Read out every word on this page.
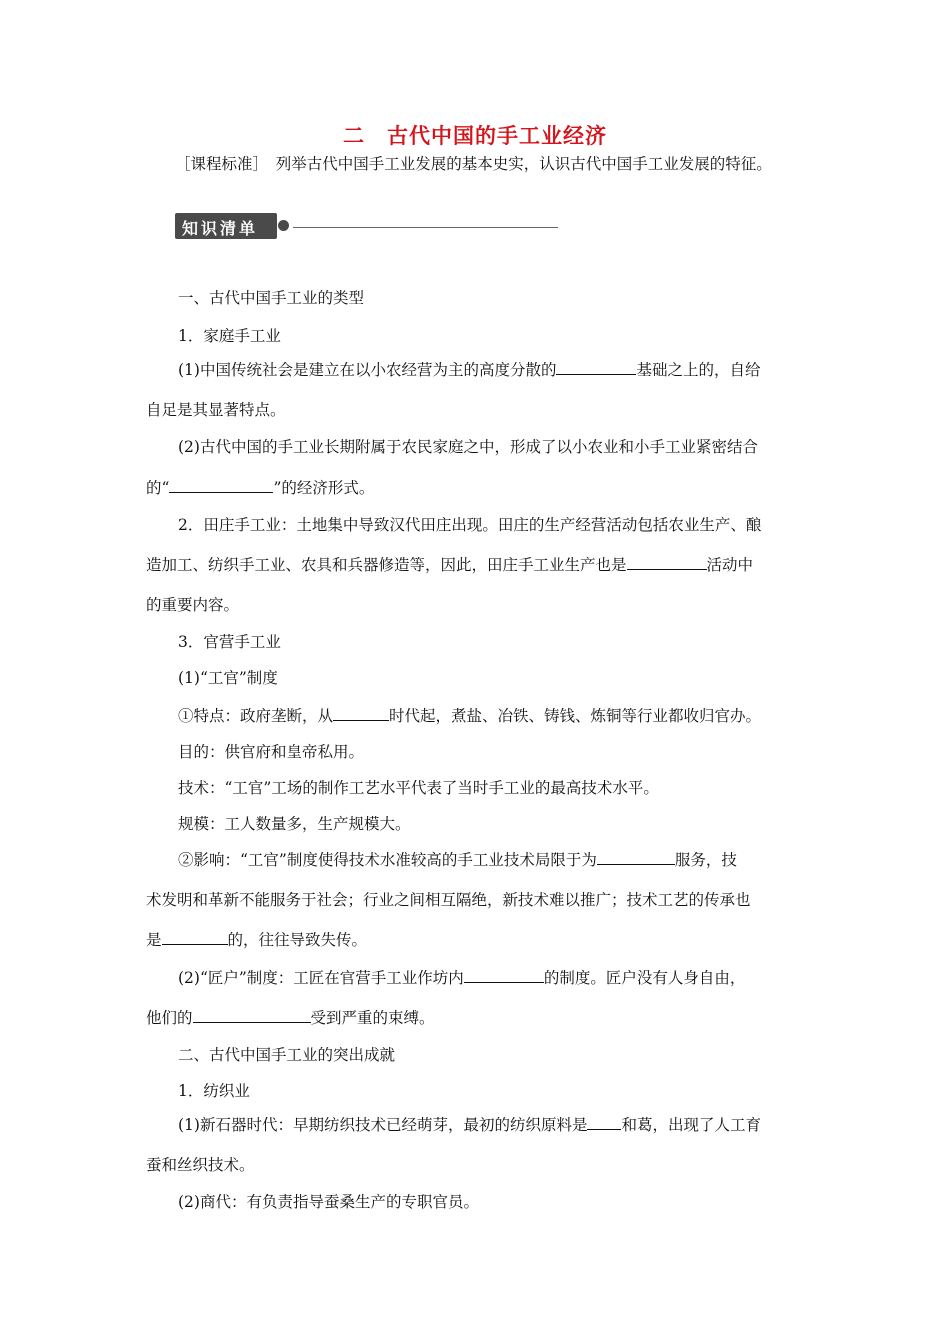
二　古代中国的手工业经济
［课程标准］　列举古代中国手工业发展的基本史实，认识古代中国手工业发展的特征。
知识清单
一、古代中国手工业的类型
1．家庭手工业
(1)中国传统社会是建立在以小农经营为主的高度分散的	基础之上的，自给
自足是其显著特点。
(2)古代中国的手工业长期附属于农民家庭之中，形成了以小农业和小手工业紧密结合
的“	”的经济形式。
2．田庄手工业：土地集中导致汉代田庄出现。田庄的生产经营活动包括农业生产、酿
造加工、纺织手工业、农具和兵器修造等，因此，田庄手工业生产也是	活动中
的重要内容。
3．官营手工业
(1)“工官”制度
①特点：政府垄断，从	时代起，煮盐、冶铁、铸钱、炼铜等行业都收归官办。
目的：供官府和皇帝私用。
技术：“工官”工场的制作工艺水平代表了当时手工业的最高技术水平。
规模：工人数量多，生产规模大。
②影响：“工官”制度使得技术水准较高的手工业技术局限于为	服务，技
术发明和革新不能服务于社会；行业之间相互隔绝，新技术难以推广；技术工艺的传承也
是	的，往往导致失传。
(2)“匠户”制度：工匠在官营手工业作坊内	的制度。匠户没有人身自由，
他们的	受到严重的束缚。
二、古代中国手工业的突出成就
1．纺织业
(1)新石器时代：早期纺织技术已经萌芽，最初的纺织原料是 和葛，出现了人工育
蚕和丝织技术。
(2)商代：有负责指导蚕桑生产的专职官员。
